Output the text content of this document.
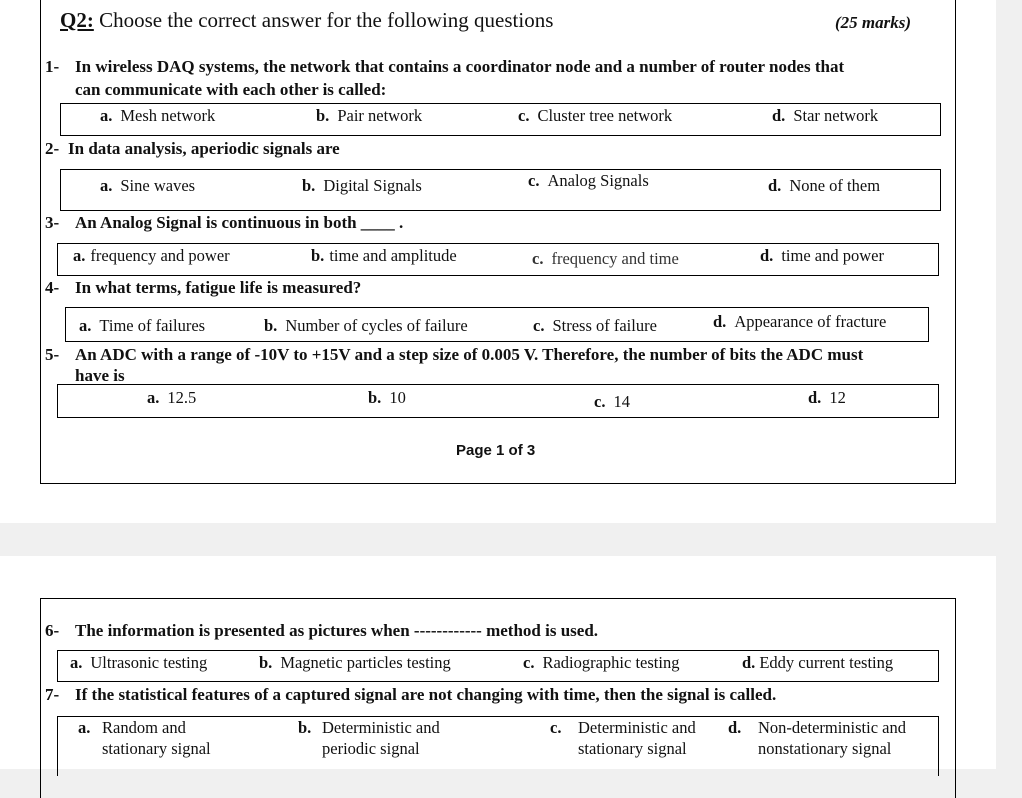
Q2: Choose the correct answer for the following questions	(25 marks)
1- In wireless DAQ systems, the network that contains a coordinator node and a number of router nodes that
can communicate with each other is called:
a. Mesh network	b. Pair network	c. Cluster tree network	d. Star network
2- In data analysis, aperiodic signals are
a. Sine waves	b. Digital Signals	c. Analog Signals	d. None of them
3- An Analog Signal is continuous in both ____ .
a. frequency and power	b. time and amplitude	c. frequency and time	d. time and power
4- In what terms, fatigue life is measured?
a. Time of failures	b. Number of cycles of failure	c. Stress of failure	d. Appearance of fracture
5- An ADC with a range of -10V to +15V and a step size of 0.005 V. Therefore, the number of bits the ADC must
have is
a. 12.5	b. 10	c. 14	d. 12
Page 1 of 3
6- The information is presented as pictures when ------------ method is used.
a. Ultrasonic testing	b. Magnetic particles testing	c. Radiographic testing	d. Eddy current testing
7- If the statistical features of a captured signal are not changing with time, then the signal is called.
a. Random and
stationary signal
b. Deterministic and
periodic signal
c. Deterministic and
stationary signal
d. Non-deterministic and
nonstationary signal
